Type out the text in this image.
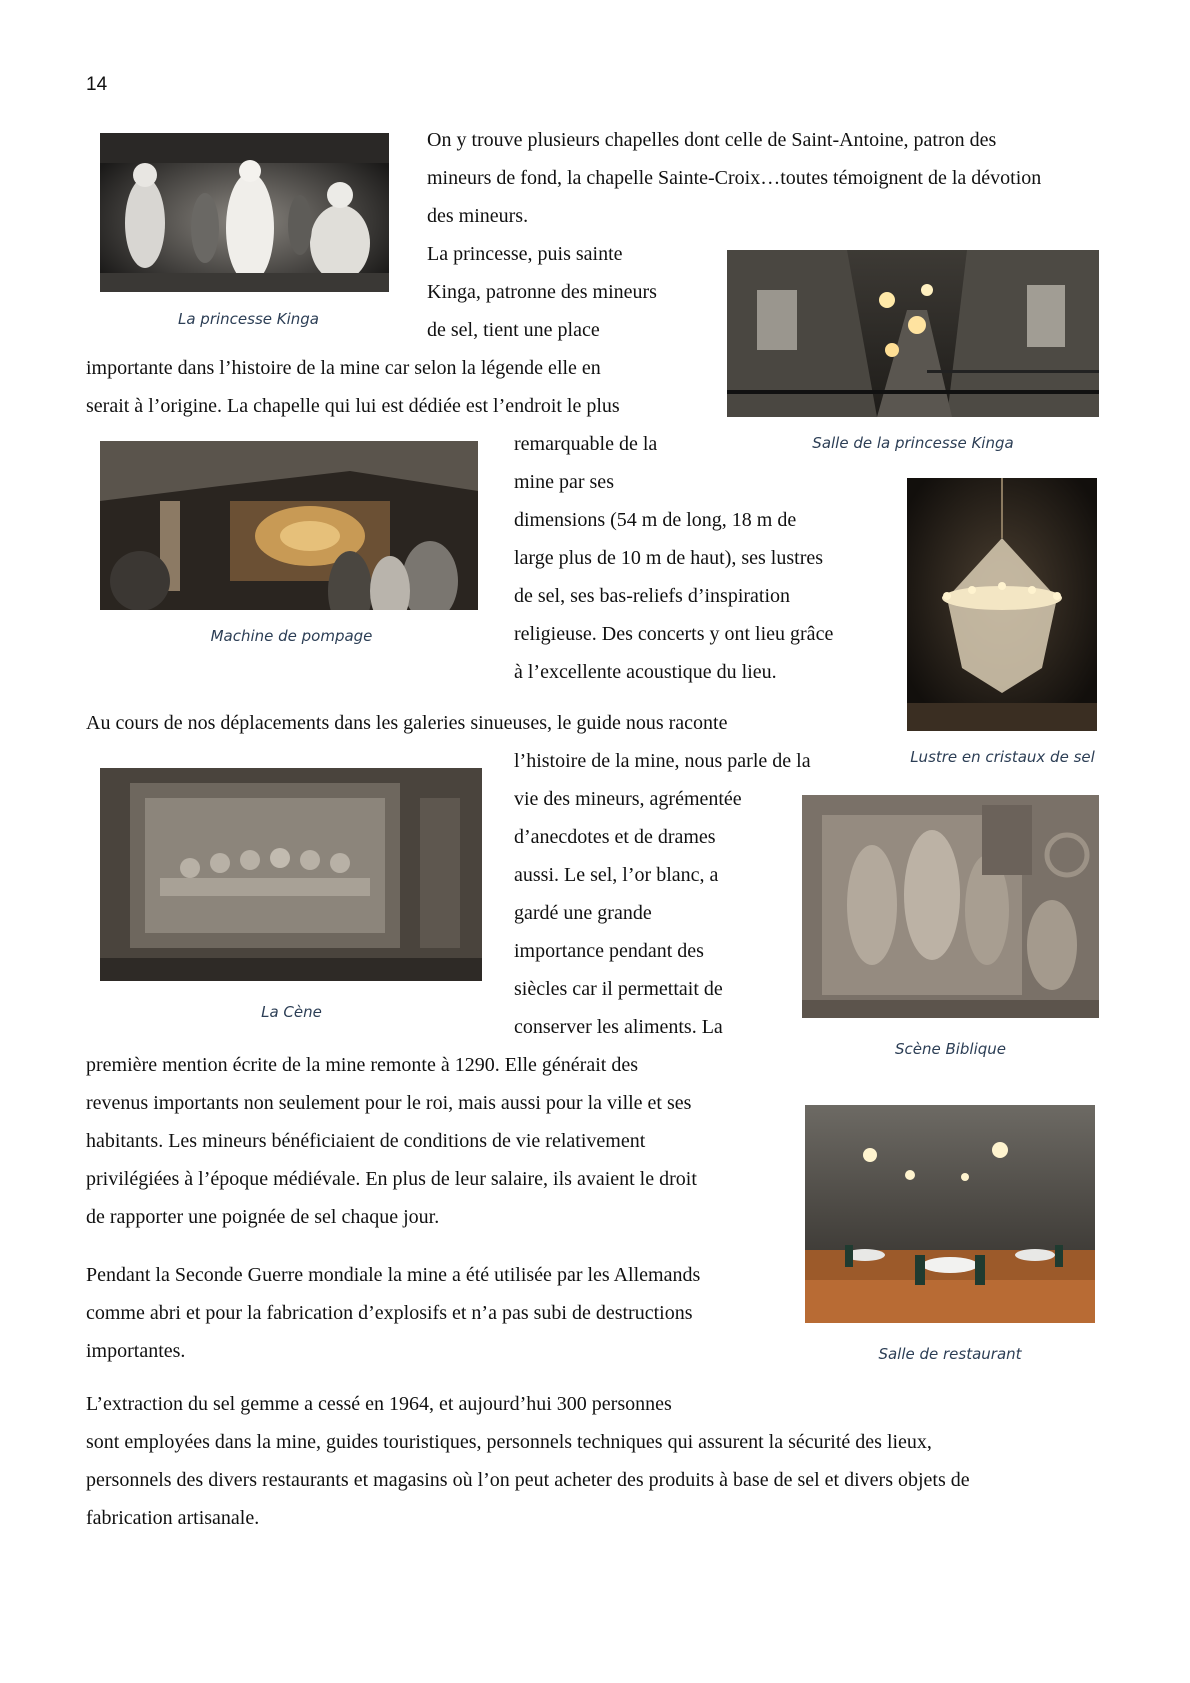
14
La princesse Kinga
Salle de la princesse Kinga
Machine de pompage
Lustre en cristaux de sel
La Cène
Scène Biblique
Salle de restaurant
On y trouve plusieurs chapelles dont celle de Saint-Antoine, patron des
mineurs de fond, la chapelle Sainte-Croix…toutes témoignent de la dévotion
des mineurs.
La princesse, puis sainte
Kinga, patronne des mineurs
de sel, tient une place
importante dans l’histoire de la mine car selon la légende elle en
serait à l’origine. La chapelle qui lui est dédiée est l’endroit le plus
remarquable de la
mine par ses
dimensions (54 m de long, 18 m de
large plus de 10 m de haut), ses lustres
de sel, ses bas-reliefs d’inspiration
religieuse. Des concerts y ont lieu grâce
à l’excellente acoustique du lieu.
Au cours de nos déplacements dans les galeries sinueuses, le guide nous raconte
l’histoire de la mine, nous parle de la
vie des mineurs, agrémentée
d’anecdotes et de drames
aussi. Le sel, l’or blanc, a
gardé une grande
importance pendant des
siècles car il permettait de
conserver les aliments. La
première mention écrite de la mine remonte à 1290. Elle générait des
revenus importants non seulement pour le roi, mais aussi pour la ville et ses
habitants. Les mineurs bénéficiaient de conditions de vie relativement
privilégiées à l’époque médiévale. En plus de leur salaire, ils avaient le droit
de rapporter une poignée de sel chaque jour.
Pendant la Seconde Guerre mondiale la mine a été utilisée par les Allemands
comme abri et pour la fabrication d’explosifs et n’a pas subi de destructions
importantes.
L’extraction du sel gemme a cessé en 1964, et aujourd’hui 300 personnes
sont employées dans la mine, guides touristiques, personnels techniques qui assurent la sécurité des lieux,
personnels des divers restaurants et magasins où l’on peut acheter des produits à base de sel et divers objets de
fabrication artisanale.
